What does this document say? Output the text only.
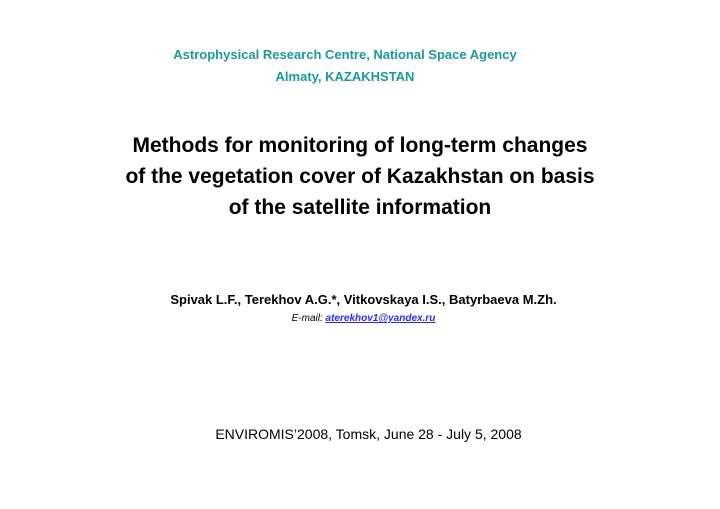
Astrophysical Research Centre, National Space Agency
Almaty, KAZAKHSTAN
Methods for monitoring of long-term changes
of the vegetation cover of Kazakhstan on basis
of the satellite information
Spivak L.F., Terekhov A.G.*, Vitkovskaya I.S., Batyrbaeva M.Zh.
E-mail: aterekhov1@yandex.ru
ENVIROMIS’2008, Tomsk, June 28 - July 5, 2008
